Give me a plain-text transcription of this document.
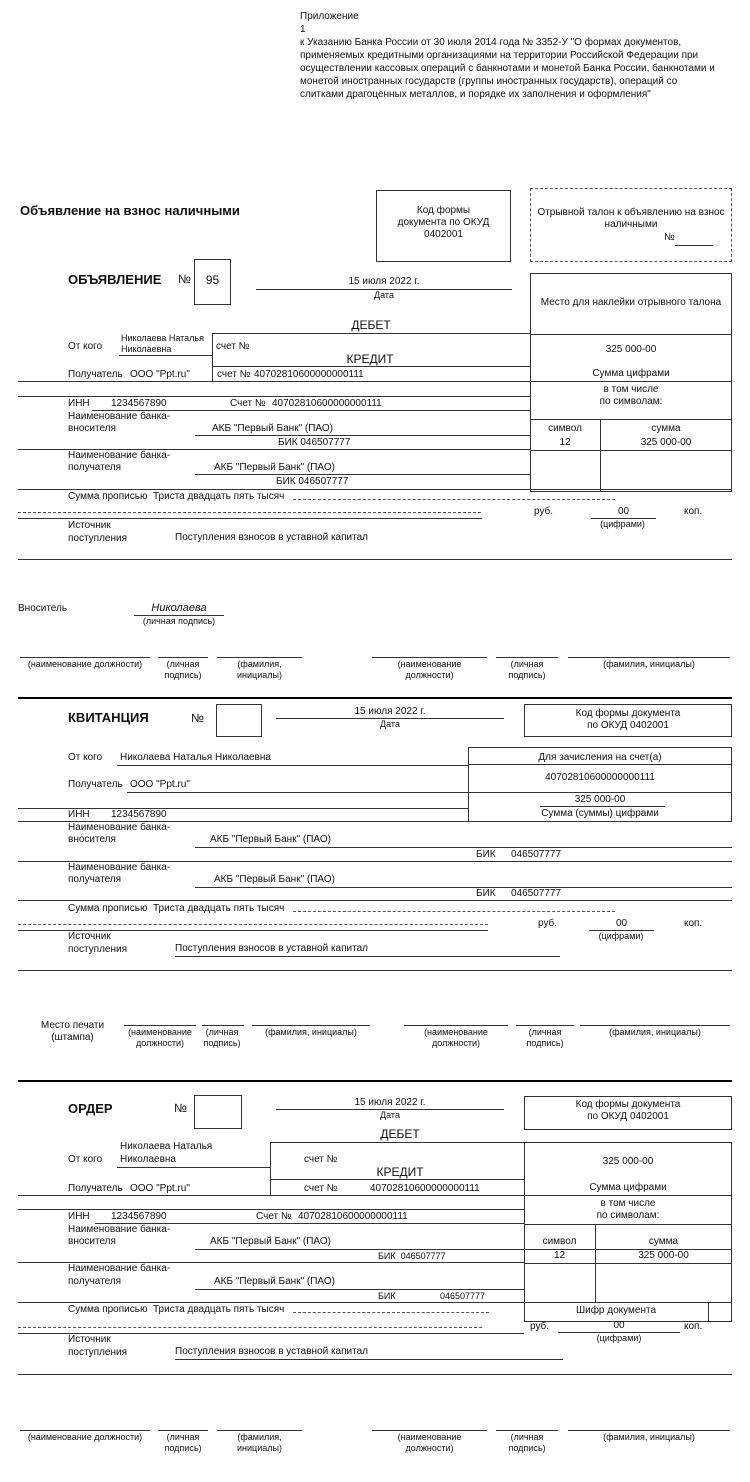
Приложение
1
к Указанию Банка России от 30 июля 2014 года № 3352-У "О формах документов,
применяемых кредитными организациями на территории Российской Федерации при
осуществлении кассовых операций с банкнотами и монетой Банка России, банкнотами и
монетой иностранных государств (группы иностранных государств), операций со
слитками драгоценных металлов, и порядке их заполнения и оформления"
Объявление на взнос наличными	Код формы
документа по ОКУД
0402001
Отрывной талон к объявлению на взнос
наличными
№
ОБЪЯВЛЕНИЕ №	95	15 июля 2022 г.
Дата
Место для наклейки отрывного талона
325 000-00
Сумма цифрами
в том числе
по символам:
символ	сумма
12	325 000-00
ДЕБЕТ
От кого
Николаева Наталья
Николаевна	счет №
КРЕДИТ
Получатель ООО "Ppt.ru"	счет № 40702810600000000111
ИНН 1234567890	Счет № 40702810600000000111
Наименование банка-
вносителя	АКБ "Первый Банк" (ПАО)
БИК 046507777
Наименование банка-
получателя	АКБ "Первый Банк" (ПАО)
БИК 046507777
Сумма прописью Триста двадцать пять тысяч
руб.	00	коп.
(цифрами)
Источник
поступления	Поступления взносов в уставной капитал
Вноситель	Николаева
(личная подпись)
(наименование должности)	(личная
подпись)
(фамилия,
инициалы)
(наименование
должности)
(личная
подпись)
(фамилия, инициалы)
КВИТАНЦИЯ	№	15 июля 2022 г.
Дата
Код формы документа
по ОКУД 0402001
Для зачисления на счет(а)
40702810600000000111
325 000-00
Сумма (суммы) цифрами
От кого Николаева Наталья Николаевна
Получатель ООО "Ppt.ru"
ИНН 1234567890
Наименование банка-
вносителя	АКБ "Первый Банк" (ПАО)
БИК 046507777
Наименование банка-
получателя	АКБ "Первый Банк" (ПАО)
БИК 046507777
Сумма прописью Триста двадцать пять тысяч
руб.	00	коп.
(цифрами)
Источник
поступления	Поступления взносов в уставной капитал
Место печати
(штампа)	(наименование
должности)
(личная
подпись)
(фамилия, инициалы)	(наименование
должности)
(личная
подпись)
(фамилия, инициалы)
ОРДЕР	№	15 июля 2022 г.
Дата
Код формы документа
по ОКУД 0402001
ДЕБЕТ
325 000-00
Сумма цифрами
в том числе
по символам:
символ	сумма
12	325 000-00
Шифр документа
Николаева Наталья
Николаевна
От кого	счет №
КРЕДИТ
Получатель ООО "Ppt.ru"	счет №	40702810600000000111
ИНН 1234567890	Счет № 40702810600000000111
Наименование банка-
вносителя	АКБ "Первый Банк" (ПАО)
БИК 046507777
Наименование банка-
получателя	АКБ "Первый Банк" (ПАО)
БИК	046507777
Сумма прописью Триста двадцать пять тысяч
руб.	00	коп.
(цифрами)
Источник
поступления	Поступления взносов в уставной капитал
(наименование должности)	(личная
подпись)
(фамилия,
инициалы)
(наименование
должности)
(личная
подпись)
(фамилия, инициалы)
